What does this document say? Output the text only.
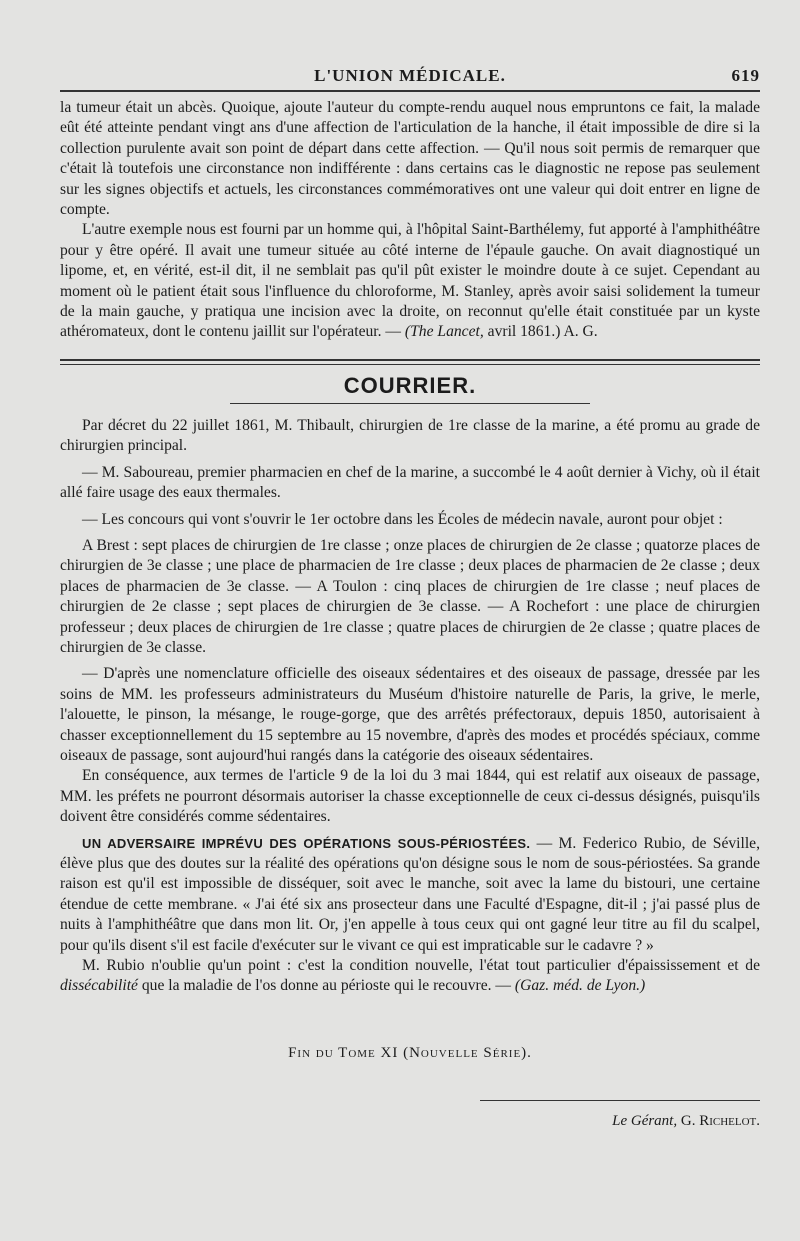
L'UNION MÉDICALE.	619

la tumeur était un abcès. Quoique, ajoute l'auteur du compte-rendu auquel nous empruntons ce fait, la malade eût été atteinte pendant vingt ans d'une affection de l'articulation de la hanche, il était impossible de dire si la collection purulente avait son point de départ dans cette affection. — Qu'il nous soit permis de remarquer que c'était là toutefois une circonstance non indifférente : dans certains cas le diagnostic ne repose pas seulement sur les signes objectifs et actuels, les circonstances commémoratives ont une valeur qui doit entrer en ligne de compte.

L'autre exemple nous est fourni par un homme qui, à l'hôpital Saint-Barthélemy, fut apporté à l'amphithéâtre pour y être opéré. Il avait une tumeur située au côté interne de l'épaule gauche. On avait diagnostiqué un lipome, et, en vérité, est-il dit, il ne semblait pas qu'il pût exister le moindre doute à ce sujet. Cependant au moment où le patient était sous l'influence du chloroforme, M. Stanley, après avoir saisi solidement la tumeur de la main gauche, y pratiqua une incision avec la droite, on reconnut qu'elle était constituée par un kyste athéromateux, dont le contenu jaillit sur l'opérateur. — (The Lancet, avril 1861.) A. G.

COURRIER.

Par décret du 22 juillet 1861, M. Thibault, chirurgien de 1re classe de la marine, a été promu au grade de chirurgien principal.

— M. Saboureau, premier pharmacien en chef de la marine, a succombé le 4 août dernier à Vichy, où il était allé faire usage des eaux thermales.

— Les concours qui vont s'ouvrir le 1er octobre dans les Écoles de médecin navale, auront pour objet :

A Brest : sept places de chirurgien de 1re classe ; onze places de chirurgien de 2e classe ; quatorze places de chirurgien de 3e classe ; une place de pharmacien de 1re classe ; deux places de pharmacien de 2e classe ; deux places de pharmacien de 3e classe. — A Toulon : cinq places de chirurgien de 1re classe ; neuf places de chirurgien de 2e classe ; sept places de chirurgien de 3e classe. — A Rochefort : une place de chirurgien professeur ; deux places de chirurgien de 1re classe ; quatre places de chirurgien de 2e classe ; quatre places de chirurgien de 3e classe.

— D'après une nomenclature officielle des oiseaux sédentaires et des oiseaux de passage, dressée par les soins de MM. les professeurs administrateurs du Muséum d'histoire naturelle de Paris, la grive, le merle, l'alouette, le pinson, la mésange, le rouge-gorge, que des arrêtés préfectoraux, depuis 1850, autorisaient à chasser exceptionnellement du 15 septembre au 15 novembre, d'après des modes et procédés spéciaux, comme oiseaux de passage, sont aujourd'hui rangés dans la catégorie des oiseaux sédentaires.

En conséquence, aux termes de l'article 9 de la loi du 3 mai 1844, qui est relatif aux oiseaux de passage, MM. les préfets ne pourront désormais autoriser la chasse exceptionnelle de ceux ci-dessus désignés, puisqu'ils doivent être considérés comme sédentaires.

UN ADVERSAIRE IMPRÉVU DES OPÉRATIONS SOUS-PÉRIOSTÉES. — M. Federico Rubio, de Séville, élève plus que des doutes sur la réalité des opérations qu'on désigne sous le nom de sous-périostées. Sa grande raison est qu'il est impossible de disséquer, soit avec le manche, soit avec la lame du bistouri, une certaine étendue de cette membrane. « J'ai été six ans prosecteur dans une Faculté d'Espagne, dit-il ; j'ai passé plus de nuits à l'amphithéâtre que dans mon lit. Or, j'en appelle à tous ceux qui ont gagné leur titre au fil du scalpel, pour qu'ils disent s'il est facile d'exécuter sur le vivant ce qui est impraticable sur le cadavre ? »

M. Rubio n'oublie qu'un point : c'est la condition nouvelle, l'état tout particulier d'épaississement et de dissécabilité que la maladie de l'os donne au périoste qui le recouvre. — (Gaz. méd. de Lyon.)

Fin du Tome XI (Nouvelle Série).
Le Gérant, G. Richelot.
